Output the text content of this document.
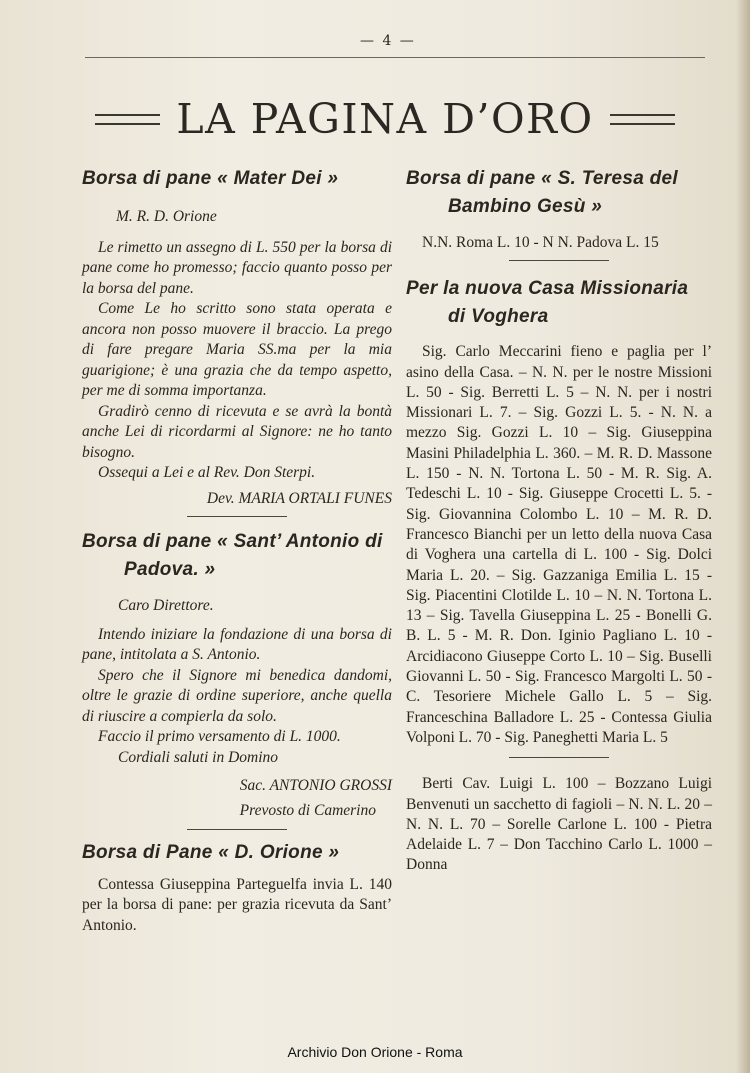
— 4 —
LA PAGINA D’ORO
Borsa di pane « Mater Dei »

M. R. D. Orione

Le rimetto un assegno di L. 550 per la borsa di pane come ho promesso; faccio quanto posso per la borsa del pane.

Come Le ho scritto sono stata operata e ancora non posso muovere il braccio. La prego di fare pregare Maria SS.ma per la mia guarigione; è una grazia che da tempo aspetto, per me di somma importanza.

Gradirò cenno di ricevuta e se avrà la bontà anche Lei di ricordarmi al Signore: ne ho tanto bisogno.

Ossequi a Lei e al Rev. Don Sterpi.

Dev. MARIA ORTALI FUNES

Borsa di pane « Sant’ Antonio di
Padova. »

Caro Direttore.

Intendo iniziare la fondazione di una borsa di pane, intitolata a S. Antonio.

Spero che il Signore mi benedica dandomi, oltre le grazie di ordine superiore, anche quella di riuscire a compierla da solo.

Faccio il primo versamento di L. 1000.

Cordiali saluti in Domino

Sac. ANTONIO GROSSI

Prevosto di Camerino

Borsa di Pane « D. Orione »

Contessa Giuseppina Parteguelfa invia L. 140 per la borsa di pane: per grazia ricevuta da Sant’ Antonio.

Borsa di pane « S. Teresa del
Bambino Gesù »

N.N. Roma L. 10 - N N. Padova L. 15

Per la nuova Casa Missionaria
di Voghera

Sig. Carlo Meccarini fieno e paglia per l’ asino della Casa. – N. N. per le nostre Missioni L. 50 - Sig. Berretti L. 5 – N. N. per i nostri Missionari L. 7. – Sig. Gozzi L. 5. - N. N. a mezzo Sig. Gozzi L. 10 – Sig. Giuseppina Masini Philadelphia L. 360. – M. R. D. Massone L. 150 - N. N. Tortona L. 50 - M. R. Sig. A. Tedeschi L. 10 - Sig. Giuseppe Crocetti L. 5. - Sig. Giovannina Colombo L. 10 – M. R. D. Francesco Bianchi per un letto della nuova Casa di Voghera una cartella di L. 100 - Sig. Dolci Maria L. 20. – Sig. Gazzaniga Emilia L. 15 - Sig. Piacentini Clotilde L. 10 – N. N. Tortona L. 13 – Sig. Tavella Giuseppina L. 25 - Bonelli G. B. L. 5 - M. R. Don. Iginio Pagliano L. 10 - Arcidiacono Giuseppe Corto L. 10 – Sig. Buselli Giovanni L. 50 - Sig. Francesco Margolti L. 50 - C. Tesoriere Michele Gallo L. 5 – Sig. Franceschina Balladore L. 25 - Contessa Giulia Volponi L. 70 - Sig. Paneghetti Maria L. 5

Berti Cav. Luigi L. 100 – Bozzano Luigi Benvenuti un sacchetto di fagioli – N. N. L. 20 – N. N. L. 70 – Sorelle Carlone L. 100 - Pietra Adelaide L. 7 – Don Tacchino Carlo L. 1000 – Donna

Archivio Don Orione - Roma
